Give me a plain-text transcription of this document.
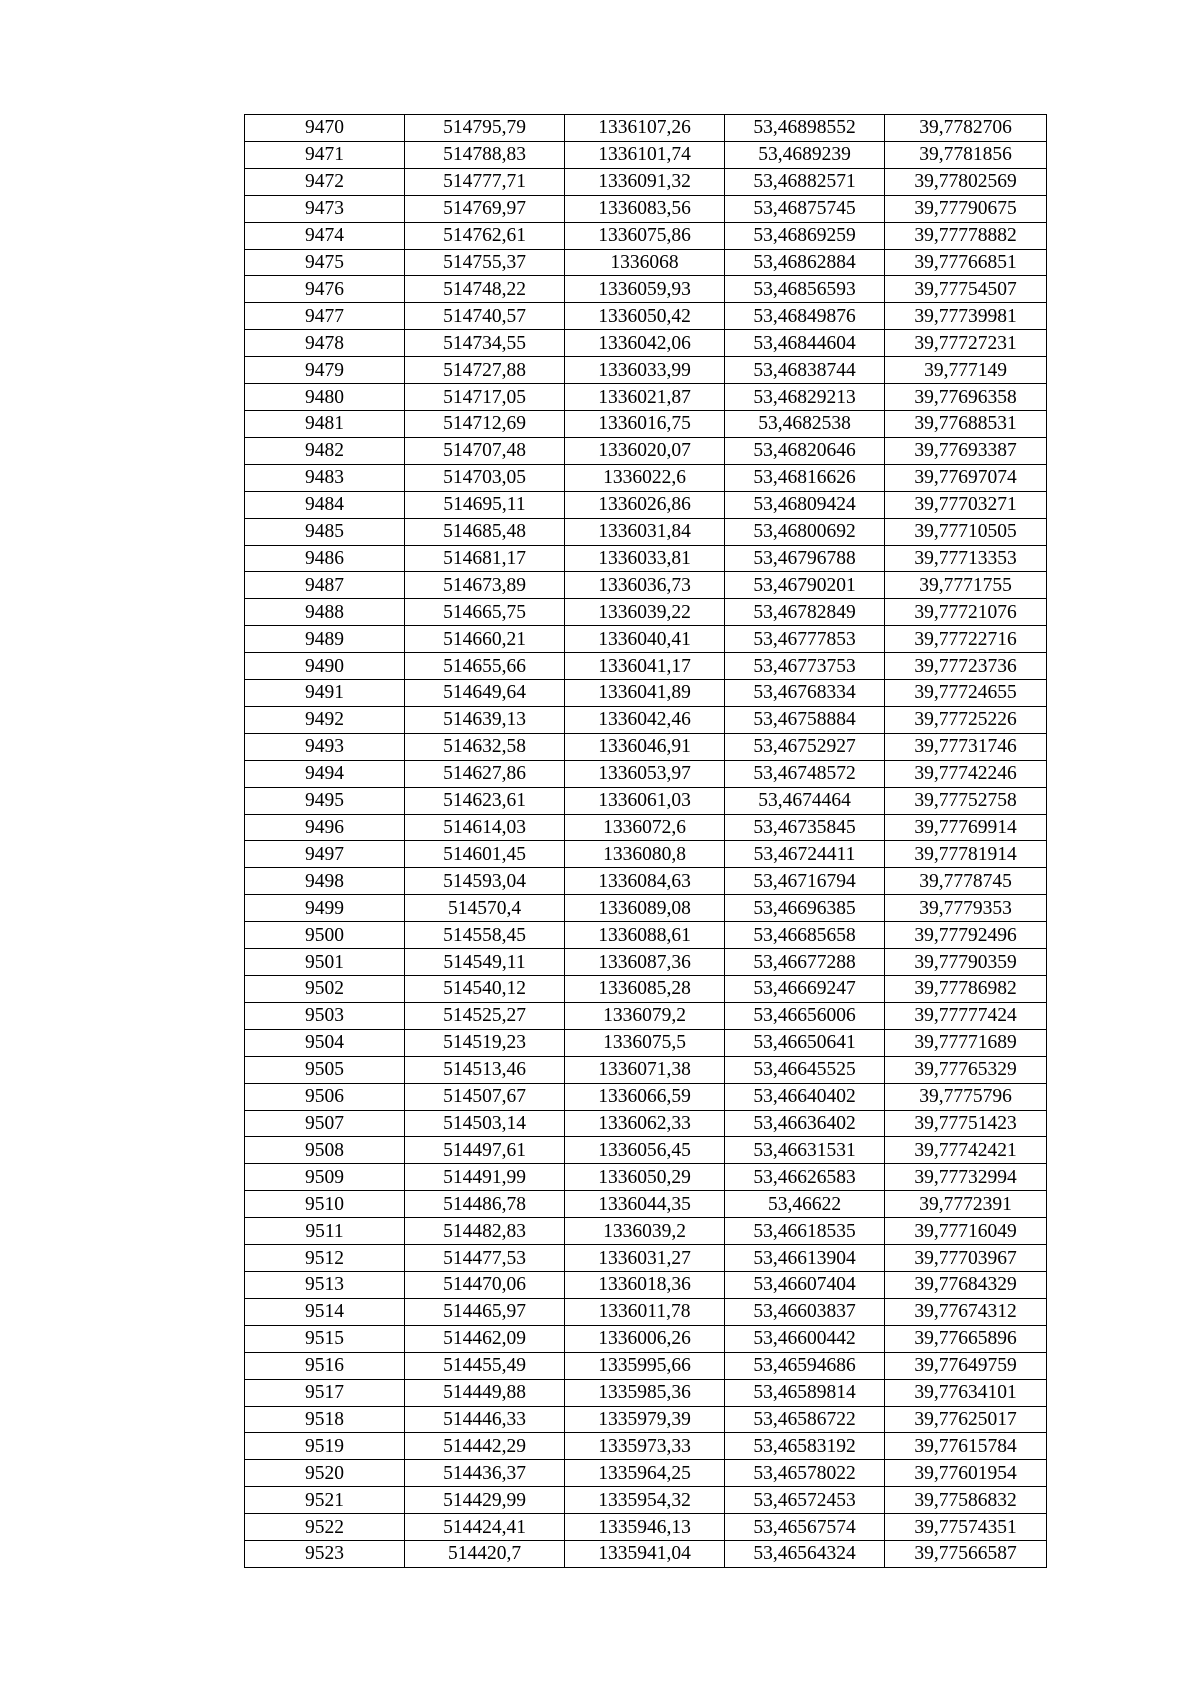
9470	514795,79	1336107,26	53,46898552	39,7782706
9471	514788,83	1336101,74	53,4689239	39,7781856
9472	514777,71	1336091,32	53,46882571	39,77802569
9473	514769,97	1336083,56	53,46875745	39,77790675
9474	514762,61	1336075,86	53,46869259	39,77778882
9475	514755,37	1336068	53,46862884	39,77766851
9476	514748,22	1336059,93	53,46856593	39,77754507
9477	514740,57	1336050,42	53,46849876	39,77739981
9478	514734,55	1336042,06	53,46844604	39,77727231
9479	514727,88	1336033,99	53,46838744	39,777149
9480	514717,05	1336021,87	53,46829213	39,77696358
9481	514712,69	1336016,75	53,4682538	39,77688531
9482	514707,48	1336020,07	53,46820646	39,77693387
9483	514703,05	1336022,6	53,46816626	39,77697074
9484	514695,11	1336026,86	53,46809424	39,77703271
9485	514685,48	1336031,84	53,46800692	39,77710505
9486	514681,17	1336033,81	53,46796788	39,77713353
9487	514673,89	1336036,73	53,46790201	39,7771755
9488	514665,75	1336039,22	53,46782849	39,77721076
9489	514660,21	1336040,41	53,46777853	39,77722716
9490	514655,66	1336041,17	53,46773753	39,77723736
9491	514649,64	1336041,89	53,46768334	39,77724655
9492	514639,13	1336042,46	53,46758884	39,77725226
9493	514632,58	1336046,91	53,46752927	39,77731746
9494	514627,86	1336053,97	53,46748572	39,77742246
9495	514623,61	1336061,03	53,4674464	39,77752758
9496	514614,03	1336072,6	53,46735845	39,77769914
9497	514601,45	1336080,8	53,46724411	39,77781914
9498	514593,04	1336084,63	53,46716794	39,7778745
9499	514570,4	1336089,08	53,46696385	39,7779353
9500	514558,45	1336088,61	53,46685658	39,77792496
9501	514549,11	1336087,36	53,46677288	39,77790359
9502	514540,12	1336085,28	53,46669247	39,77786982
9503	514525,27	1336079,2	53,46656006	39,77777424
9504	514519,23	1336075,5	53,46650641	39,77771689
9505	514513,46	1336071,38	53,46645525	39,77765329
9506	514507,67	1336066,59	53,46640402	39,7775796
9507	514503,14	1336062,33	53,46636402	39,77751423
9508	514497,61	1336056,45	53,46631531	39,77742421
9509	514491,99	1336050,29	53,46626583	39,77732994
9510	514486,78	1336044,35	53,46622	39,7772391
9511	514482,83	1336039,2	53,46618535	39,77716049
9512	514477,53	1336031,27	53,46613904	39,77703967
9513	514470,06	1336018,36	53,46607404	39,77684329
9514	514465,97	1336011,78	53,46603837	39,77674312
9515	514462,09	1336006,26	53,46600442	39,77665896
9516	514455,49	1335995,66	53,46594686	39,77649759
9517	514449,88	1335985,36	53,46589814	39,77634101
9518	514446,33	1335979,39	53,46586722	39,77625017
9519	514442,29	1335973,33	53,46583192	39,77615784
9520	514436,37	1335964,25	53,46578022	39,77601954
9521	514429,99	1335954,32	53,46572453	39,77586832
9522	514424,41	1335946,13	53,46567574	39,77574351
9523	514420,7	1335941,04	53,46564324	39,77566587
